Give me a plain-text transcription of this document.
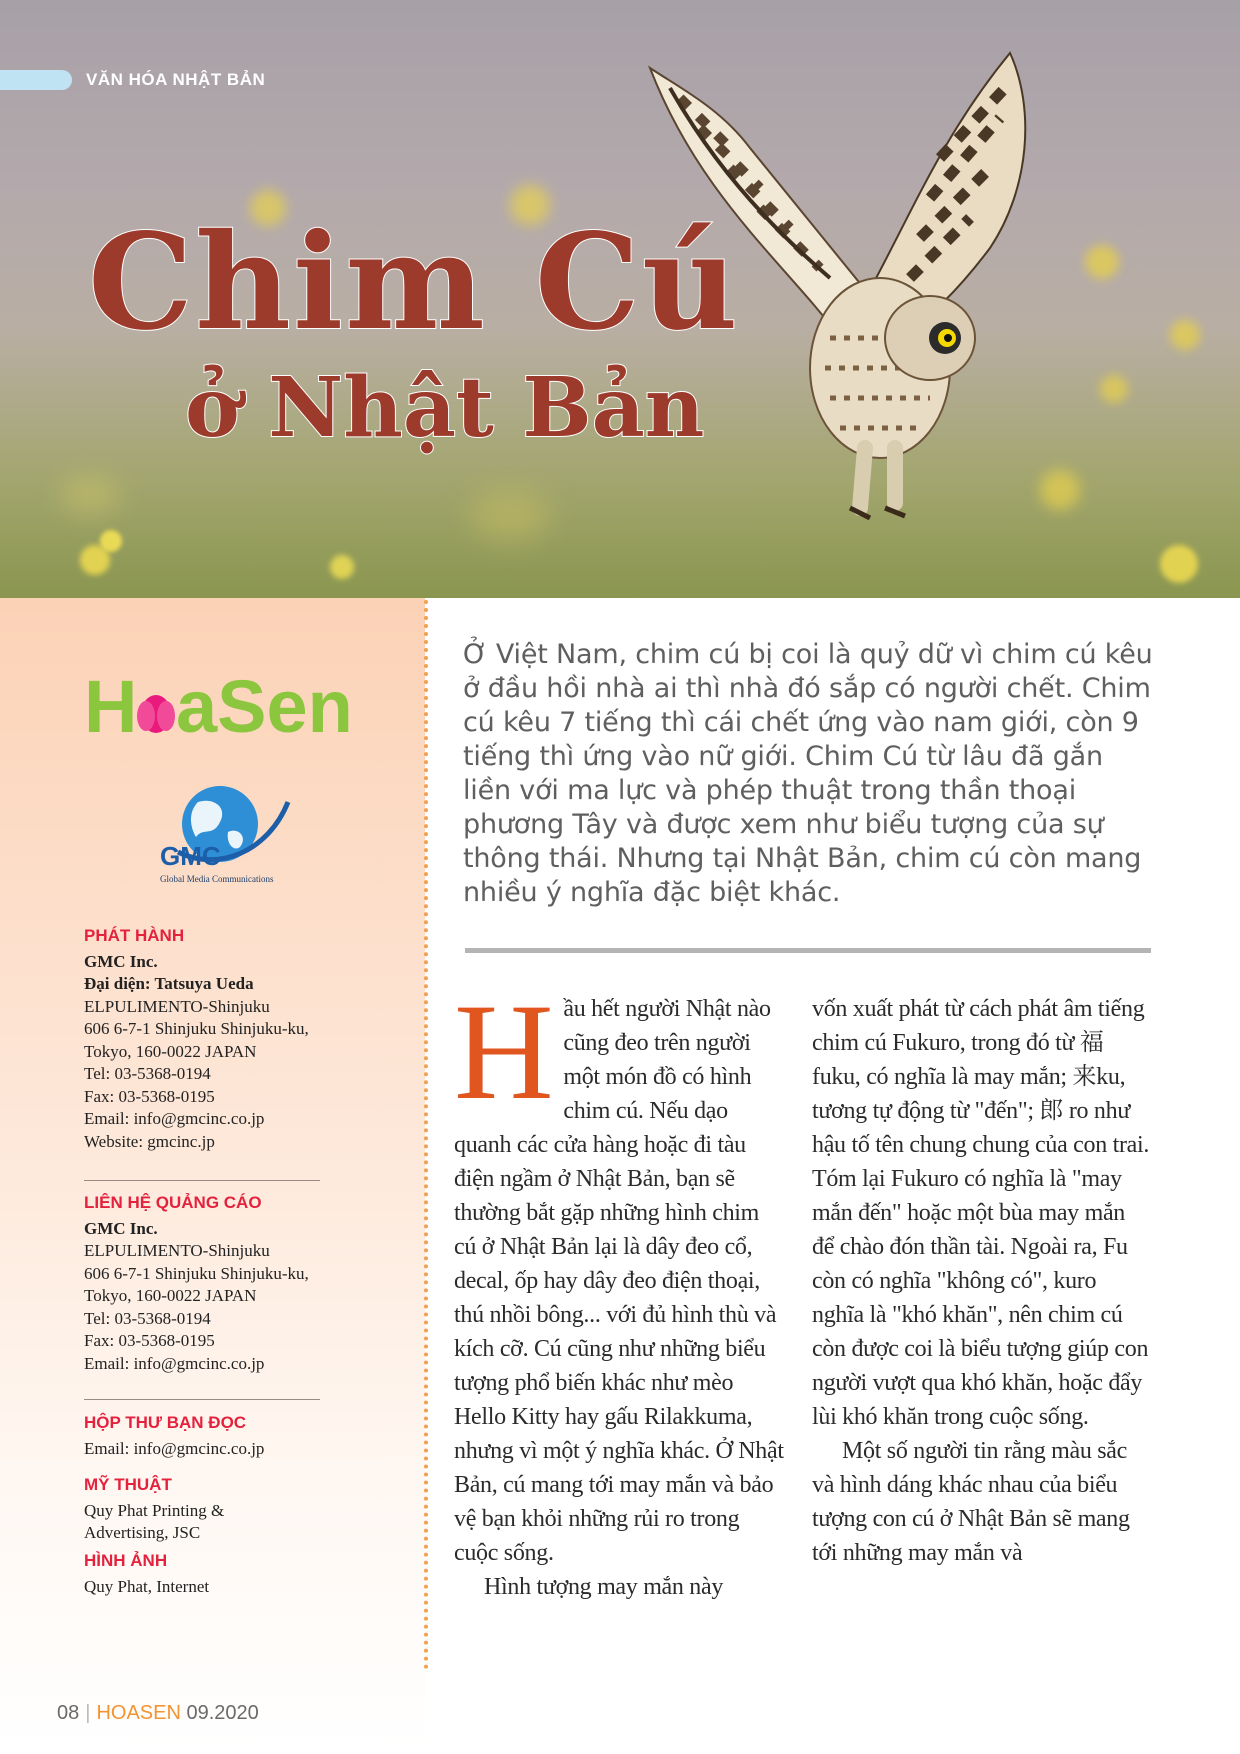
VĂN HÓA NHẬT BẢN
Chim Cú
ở Nhật Bản
H aSen
GMC
Global Media Communications
PHÁT HÀNH
GMC Inc.
Đại diện: Tatsuya Ueda
ELPULIMENTO-Shinjuku
606 6-7-1 Shinjuku Shinjuku-ku,
Tokyo, 160-0022 JAPAN
Tel: 03-5368-0194
Fax: 03-5368-0195
Email: info@gmcinc.co.jp
Website: gmcinc.jp
LIÊN HỆ QUẢNG CÁO
GMC Inc.
ELPULIMENTO-Shinjuku
606 6-7-1 Shinjuku Shinjuku-ku,
Tokyo, 160-0022 JAPAN
Tel: 03-5368-0194
Fax: 03-5368-0195
Email: info@gmcinc.co.jp
HỘP THƯ BẠN ĐỌC
Email: info@gmcinc.co.jp
MỸ THUẬT
Quy Phat Printing &
Advertising, JSC
HÌNH ẢNH
Quy Phat, Internet
Ở Việt Nam, chim cú bị coi là quỷ dữ vì chim cú kêu ở đầu hồi nhà ai thì nhà đó sắp có người chết. Chim cú kêu 7 tiếng thì cái chết ứng vào nam giới, còn 9 tiếng thì ứng vào nữ giới. Chim Cú từ lâu đã gắn liền với ma lực và phép thuật trong thần thoại phương Tây và được xem như biểu tượng của sự thông thái. Nhưng tại Nhật Bản, chim cú còn mang nhiều ý nghĩa đặc biệt khác.

Hầu hết người Nhật nào cũng đeo trên người một món đồ có hình chim cú. Nếu dạo quanh các cửa hàng hoặc đi tàu điện ngầm ở Nhật Bản, bạn sẽ thường bắt gặp những hình chim cú ở Nhật Bản lại là dây đeo cổ, decal, ốp hay dây đeo điện thoại, thú nhồi bông... với đủ hình thù và kích cỡ. Cú cũng như những biểu tượng phổ biến khác như mèo Hello Kitty hay gấu Rilakkuma, nhưng vì một ý nghĩa khác. Ở Nhật Bản, cú mang tới may mắn và bảo vệ bạn khỏi những rủi ro trong cuộc sống.

Hình tượng may mắn này

vốn xuất phát từ cách phát âm tiếng chim cú Fukuro, trong đó từ 福 fuku, có nghĩa là may mắn; 来ku, tương tự động từ "đến"; 郎 ro như hậu tố tên chung chung của con trai. Tóm lại Fukuro có nghĩa là "may mắn đến" hoặc một bùa may mắn để chào đón thần tài. Ngoài ra, Fu còn có nghĩa "không có", kuro nghĩa là "khó khăn", nên chim cú còn được coi là biểu tượng giúp con người vượt qua khó khăn, hoặc đẩy lùi khó khăn trong cuộc sống.

Một số người tin rằng màu sắc và hình dáng khác nhau của biểu tượng con cú ở Nhật Bản sẽ mang tới những may mắn và

08 | HOASEN 09.2020
